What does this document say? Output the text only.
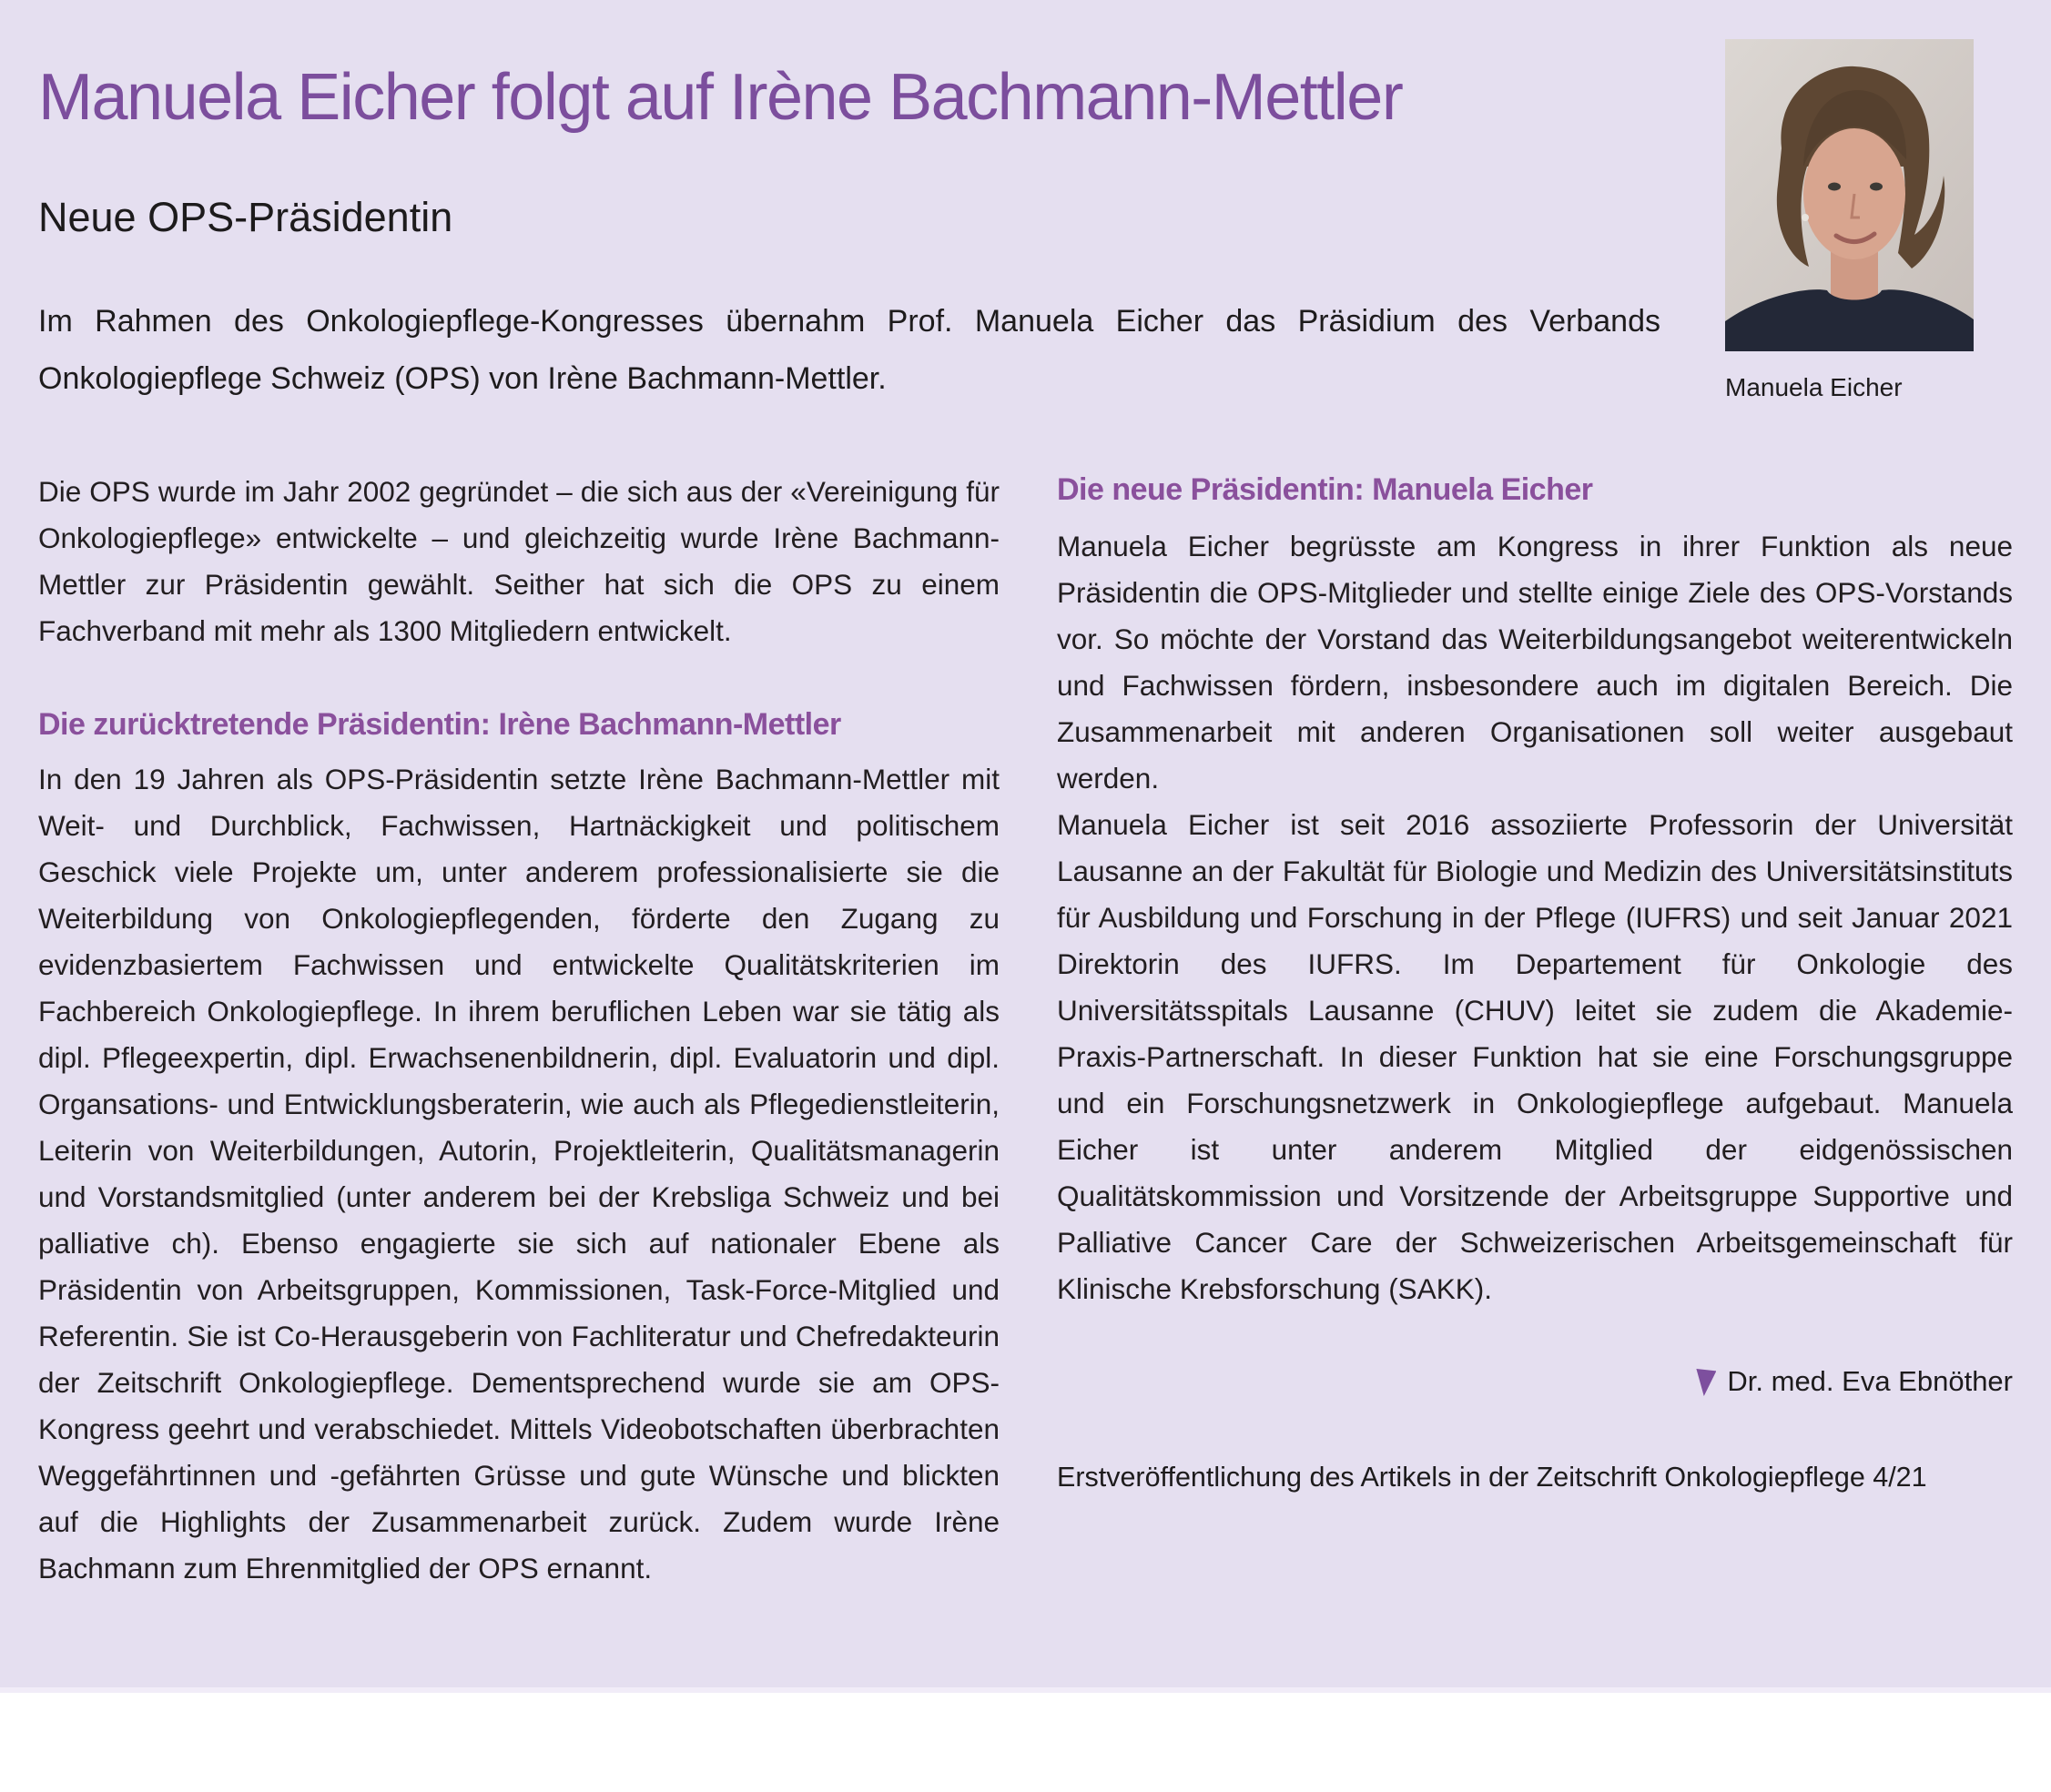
Manuela Eicher folgt auf Irène Bachmann-Mettler
Neue OPS-Präsidentin

Im Rahmen des Onkologiepflege-Kongresses übernahm Prof. Manuela Eicher das Präsidium des Verbands Onkologiepflege Schweiz (OPS) von Irène Bachmann-Mettler.	Manuela Eicher

Die OPS wurde im Jahr 2002 gegründet – die sich aus der «Vereinigung für Onkologiepflege» entwickelte – und gleichzeitig wurde Irène Bachmann-Mettler zur Präsidentin gewählt. Seither hat sich die OPS zu einem Fachverband mit mehr als 1300 Mitgliedern entwickelt.

Die zurücktretende Präsidentin: Irène Bachmann-Mettler

In den 19 Jahren als OPS-Präsidentin setzte Irène Bachmann-Mettler mit Weit- und Durchblick, Fachwissen, Hartnäckigkeit und politischem Geschick viele Projekte um, unter anderem professionalisierte sie die Weiterbildung von Onkologiepflegenden, förderte den Zugang zu evidenzbasiertem Fachwissen und entwickelte Qualitätskriterien im Fachbereich Onkologiepflege. In ihrem beruflichen Leben war sie tätig als dipl. Pflegeexpertin, dipl. Erwachsenenbildnerin, dipl. Evaluatorin und dipl. Organsations- und Entwicklungsberaterin, wie auch als Pflegedienstleiterin, Leiterin von Weiterbildungen, Autorin, Projektleiterin, Qualitätsmanagerin und Vorstandsmitglied (unter anderem bei der Krebsliga Schweiz und bei palliative ch). Ebenso engagierte sie sich auf nationaler Ebene als Präsidentin von Arbeitsgruppen, Kommissionen, Task-Force-Mitglied und Referentin. Sie ist Co-Herausgeberin von Fachliteratur und Chefredakteurin der Zeitschrift Onkologiepflege. Dementsprechend wurde sie am OPS-Kongress geehrt und verabschiedet. Mittels Videobotschaften überbrachten Weggefährtinnen und -gefährten Grüsse und gute Wünsche und blickten auf die Highlights der Zusammenarbeit zurück. Zudem wurde Irène Bachmann zum Ehrenmitglied der OPS ernannt.

Die neue Präsidentin: Manuela Eicher

Manuela Eicher begrüsste am Kongress in ihrer Funktion als neue Präsidentin die OPS-Mitglieder und stellte einige Ziele des OPS-Vorstands vor. So möchte der Vorstand das Weiterbildungsangebot weiterentwickeln und Fachwissen fördern, insbesondere auch im digitalen Bereich. Die Zusammenarbeit mit anderen Organisationen soll weiter ausgebaut werden.

Manuela Eicher ist seit 2016 assoziierte Professorin der Universität Lausanne an der Fakultät für Biologie und Medizin des Universitätsinstituts für Ausbildung und Forschung in der Pflege (IUFRS) und seit Januar 2021 Direktorin des IUFRS. Im Departement für Onkologie des Universitätsspitals Lausanne (CHUV) leitet sie zudem die Akademie-Praxis-Partnerschaft. In dieser Funktion hat sie eine Forschungsgruppe und ein Forschungsnetzwerk in Onkologiepflege aufgebaut. Manuela Eicher ist unter anderem Mitglied der eidgenössischen Qualitätskommission und Vorsitzende der Arbeitsgruppe Supportive und Palliative Cancer Care der Schweizerischen Arbeitsgemeinschaft für Klinische Krebsforschung (SAKK).

Dr. med. Eva Ebnöther

Erstveröffentlichung des Artikels in der Zeitschrift Onkologiepflege 4/21
